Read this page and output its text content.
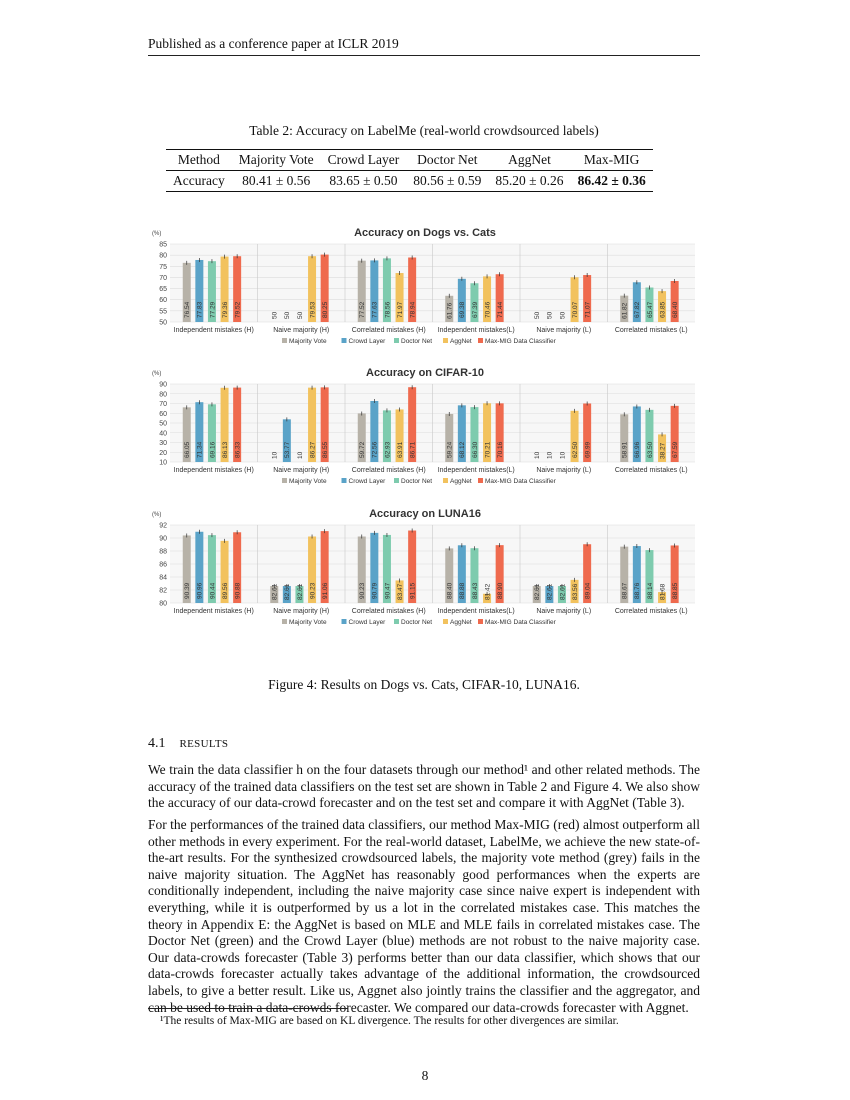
Published as a conference paper at ICLR 2019
Table 2: Accuracy on LabelMe (real-world crowdsourced labels)
Method	Majority Vote	Crowd Layer	Doctor Net	AggNet	Max-MIG
Accuracy	80.41 ± 0.56	83.65 ± 0.50	80.56 ± 0.59	85.20 ± 0.26	86.42 ± 0.36
Accuracy on Dogs vs. Cats
(%)
50
55
60
65
70
75
80
85
Independent mistakes (H)
76.54 77.83 77.29 79.36 79.52
Naive majority (H)
50 50 50 79.53 80.25
Correlated mistakes (H)
77.52 77.63 78.56 71.97 78.94
Independent mistakes(L)
61.76 69.38 67.39 70.46 71.44
Naive majority (L)
50 50 50 70.07 71.07
Correlated mistakes (L)
61.82 67.82 65.47 63.85 68.40
Majority Vote	Crowd Layer Doctor Net	AggNet Max-MIG Data Classifier
Accuracy on CIFAR-10
(%)
10
20
30
40
50
60
70
80
90
Independent mistakes (H)
66.05 71.34 69.16 86.13 86.33
Naive majority (H)
10 53.77 10 86.27 86.55
Correlated mistakes (H)
59.72 72.56 62.93 63.91 86.71
Independent mistakes(L)
59.24 68.12 66.30 70.21 70.16
Naive majority (L)
10 10 10 62.50 69.99
Correlated mistakes (L)
58.91 66.96 63.50 38.27 67.59
Majority Vote	Crowd Layer Doctor Net	AggNet Max-MIG Data Classifier
Accuracy on LUNA16
(%)
80
82
84
86
88
90
92
Independent mistakes (H)
90.39 90.96 90.44 89.56 90.88
Naive majority (H)
82.61 82.61 82.61 90.23 91.06
Correlated mistakes (H)
90.23 90.79 90.47 83.47 91.15
Independent mistakes(L)
88.40 88.88 88.43 81.42 88.90
Naive majority (L)
82.61 82.61 82.61 83.56 89.04
Correlated mistakes (L)
88.67 88.76 88.14 81.68 88.85
Majority Vote	Crowd Layer Doctor Net	AggNet Max-MIG Data Classifier
Figure 4: Results on Dogs vs. Cats, CIFAR-10, LUNA16.
4.1 RESULTS

We train the data classifier h on the four datasets through our method¹ and other related methods. The accuracy of the trained data classifiers on the test set are shown in Table 2 and Figure 4. We also show the accuracy of our data-crowd forecaster and on the test set and compare it with AggNet (Table 3).

For the performances of the trained data classifiers, our method Max-MIG (red) almost outperform all other methods in every experiment. For the real-world dataset, LabelMe, we achieve the new state-of-the-art results. For the synthesized crowdsourced labels, the majority vote method (grey) fails in the naive majority situation. The AggNet has reasonably good performances when the experts are conditionally independent, including the naive majority case since naive expert is independent with everything, while it is outperformed by us a lot in the correlated mistakes case. This matches the theory in Appendix E: the AggNet is based on MLE and MLE fails in correlated mistakes case. The Doctor Net (green) and the Crowd Layer (blue) methods are not robust to the naive majority case. Our data-crowds forecaster (Table 3) performs better than our data classifier, which shows that our data-crowds forecaster actually takes advantage of the additional information, the crowdsourced labels, to give a better result. Like us, Aggnet also jointly trains the classifier and the aggregator, and can be used to train a data-crowds forecaster. We compared our data-crowds forecaster with Aggnet.

¹The results of Max-MIG are based on KL divergence. The results for other divergences are similar.
8
